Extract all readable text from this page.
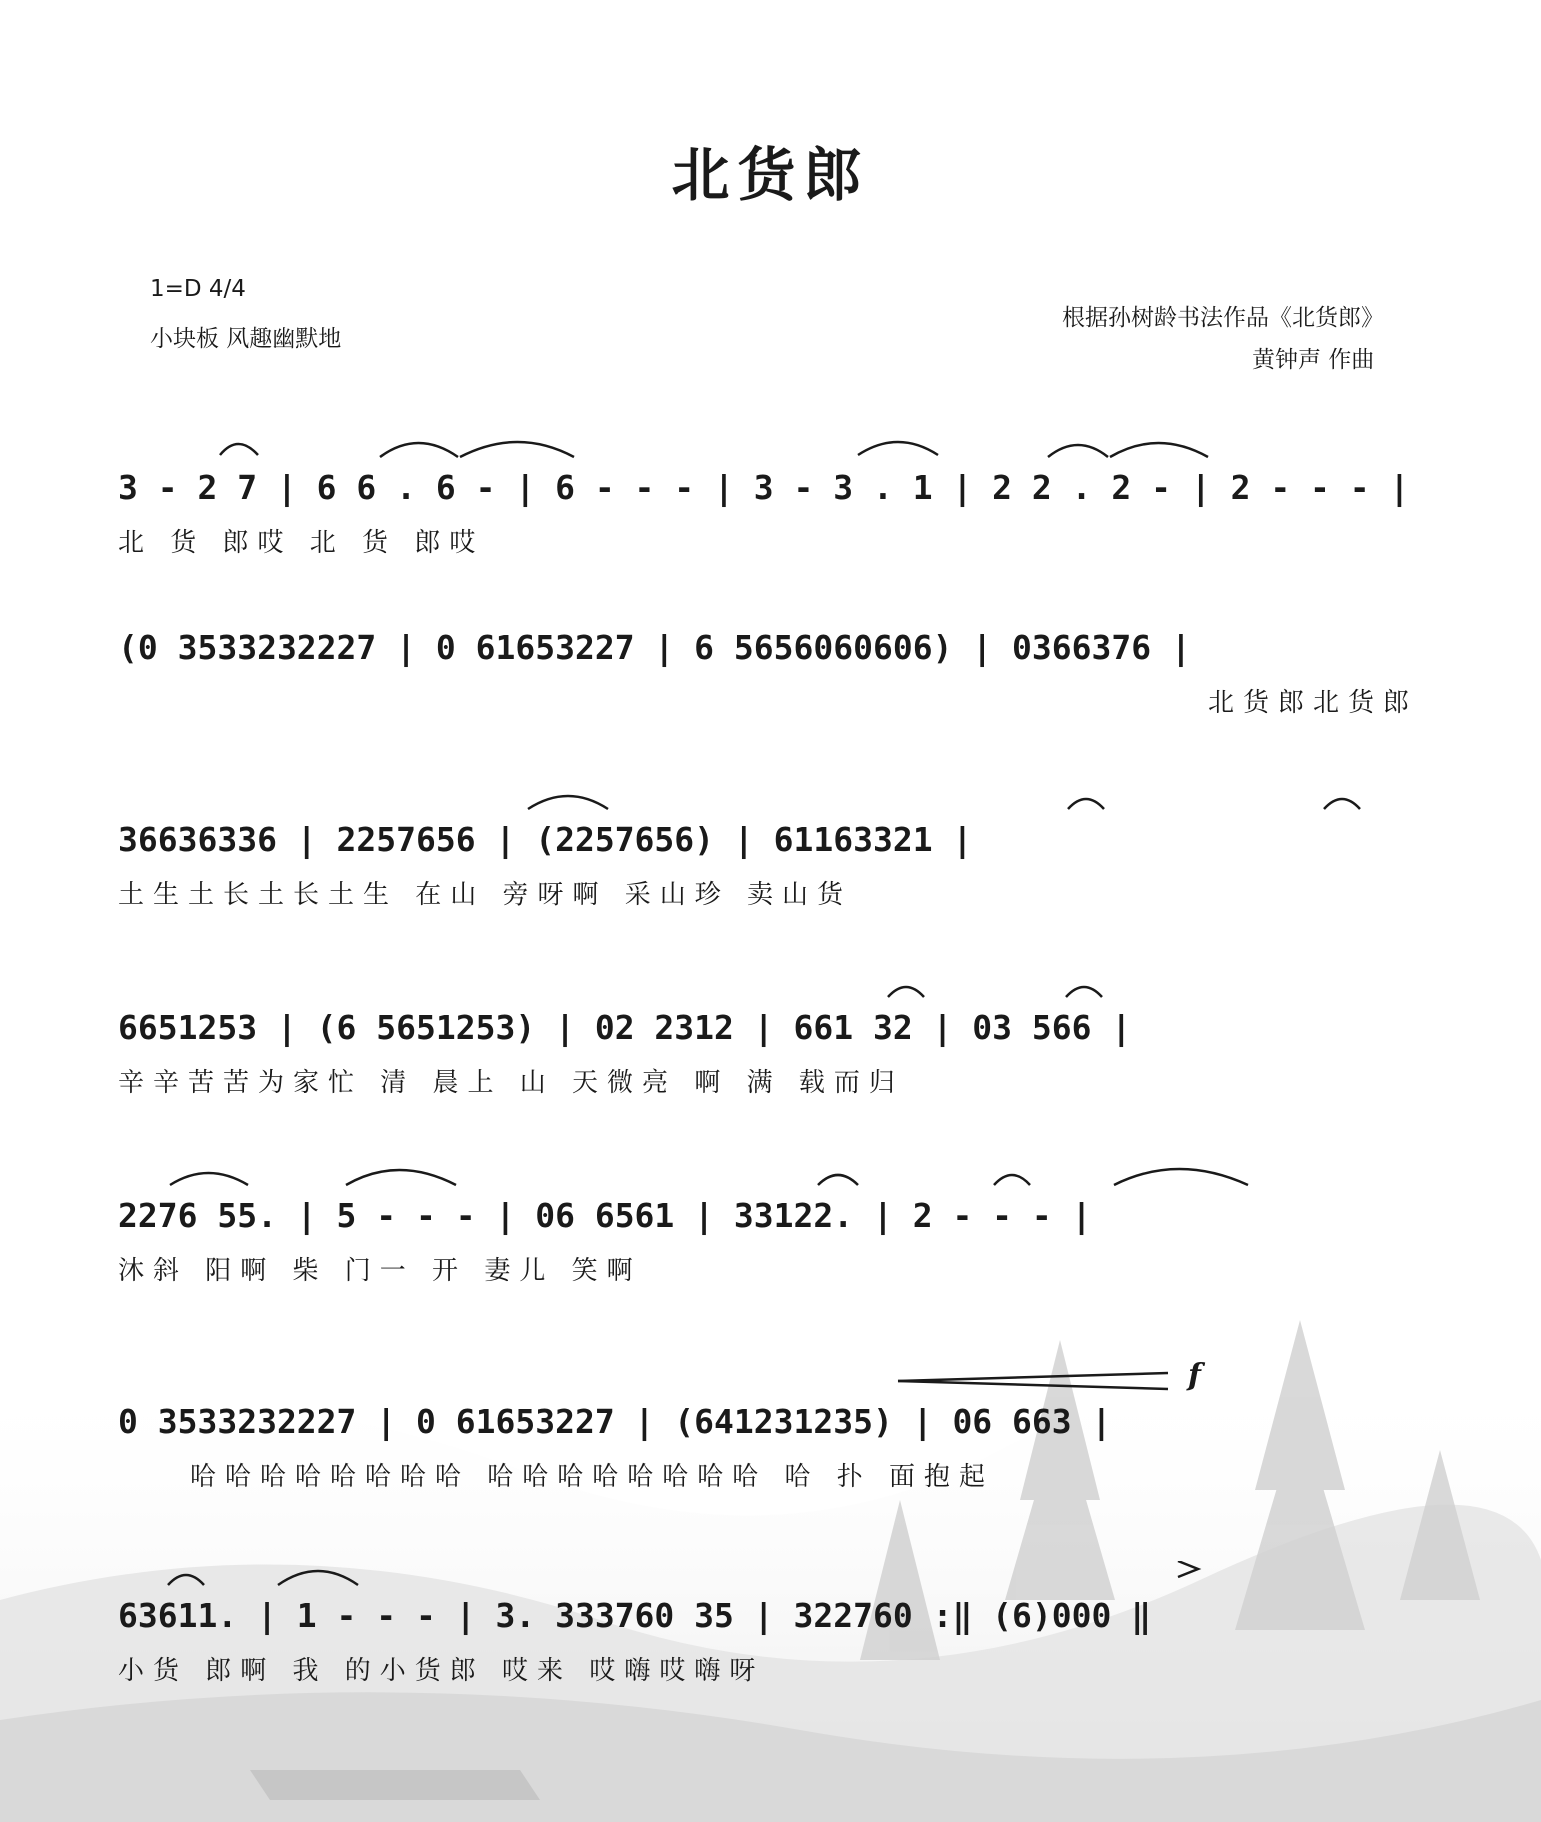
北货郎
1=D 4/4
小块板 风趣幽默地
根据孙树龄书法作品《北货郎》
黄钟声 作曲
3 - 2 7 | 6 6 . 6 - | 6 - - - | 3 - 3 . 1 | 2 2 . 2 - | 2 - - - |
北 货 郎哎 北 货 郎哎
(0 3533232227 | 0 61653227 | 6 5656060606) | 0366376 |
北货郎北货郎
36636336 | 2257656 | (2257656) | 61163321 |
土生土长土长土生 在山 旁呀啊 采山珍 卖山货
6651253 | (6 5651253) | 02 2312 | 661 32 | 03 566 |
辛辛苦苦为家忙 清 晨上 山 天微亮 啊 满 载而归
2276 55. | 5 - - - | 06 6561 | 33122. | 2 - - - |
沐斜 阳啊 柴 门一 开 妻儿 笑啊
0 3533232227 | 0 61653227 | (641231235) | 06 663 |
f
哈哈哈哈哈哈哈哈 哈哈哈哈哈哈哈哈 哈 扑 面抱起
63611. | 1 - - - | 3. 333760 35 | 322760 :‖ (6)000 ‖
小货 郎啊 我 的小货郎 哎来 哎嗨哎嗨呀
